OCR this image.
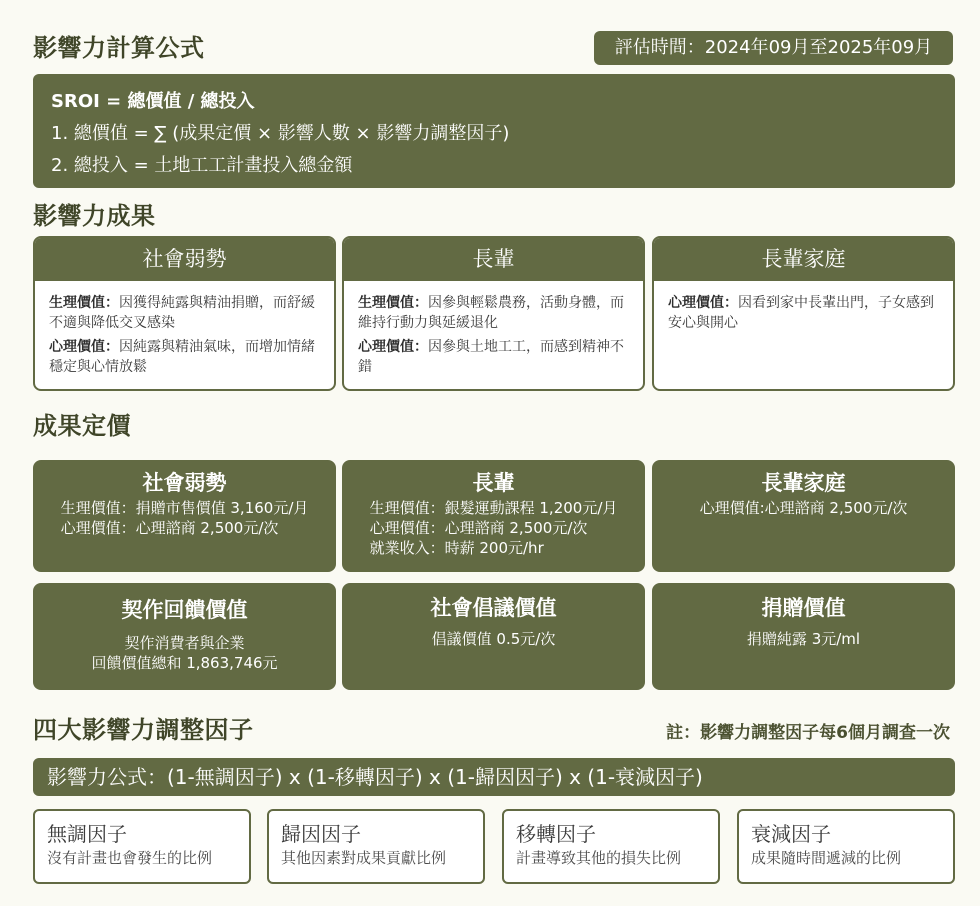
影響力計算公式	評估時間：2024年09月至2025年09月
SROI = 總價值 / 總投入
1. 總價值 = ∑ (成果定價 × 影響人數 × 影響力調整因子)
2. 總投入 = 土地工工計畫投入總金額
影響力成果
社會弱勢
生理價值：因獲得純露與精油捐贈，而舒緩不適與降低交叉感染
心理價值：因純露與精油氣味，而增加情緒穩定與心情放鬆
長輩
生理價值：因參與輕鬆農務，活動身體，而維持行動力與延緩退化
心理價值：因參與土地工工，而感到精神不錯
長輩家庭
心理價值：因看到家中長輩出門，子女感到安心與開心
成果定價
社會弱勢
生理價值：捐贈市售價值 3,160元/月
心理價值：心理諮商 2,500元/次
長輩
生理價值：銀髮運動課程 1,200元/月
心理價值：心理諮商 2,500元/次
就業收入：時薪 200元/hr
長輩家庭
心理價值:心理諮商 2,500元/次
契作回饋價值
契作消費者與企業
回饋價值總和 1,863,746元
社會倡議價值
倡議價值 0.5元/次
捐贈價值
捐贈純露 3元/ml
四大影響力調整因子	註：影響力調整因子每6個月調查一次
影響力公式：(1-無調因子) x (1-移轉因子) x (1-歸因因子) x (1-衰減因子)
無調因子
沒有計畫也會發生的比例
歸因因子
其他因素對成果貢獻比例
移轉因子
計畫導致其他的損失比例
衰減因子
成果隨時間遞減的比例
